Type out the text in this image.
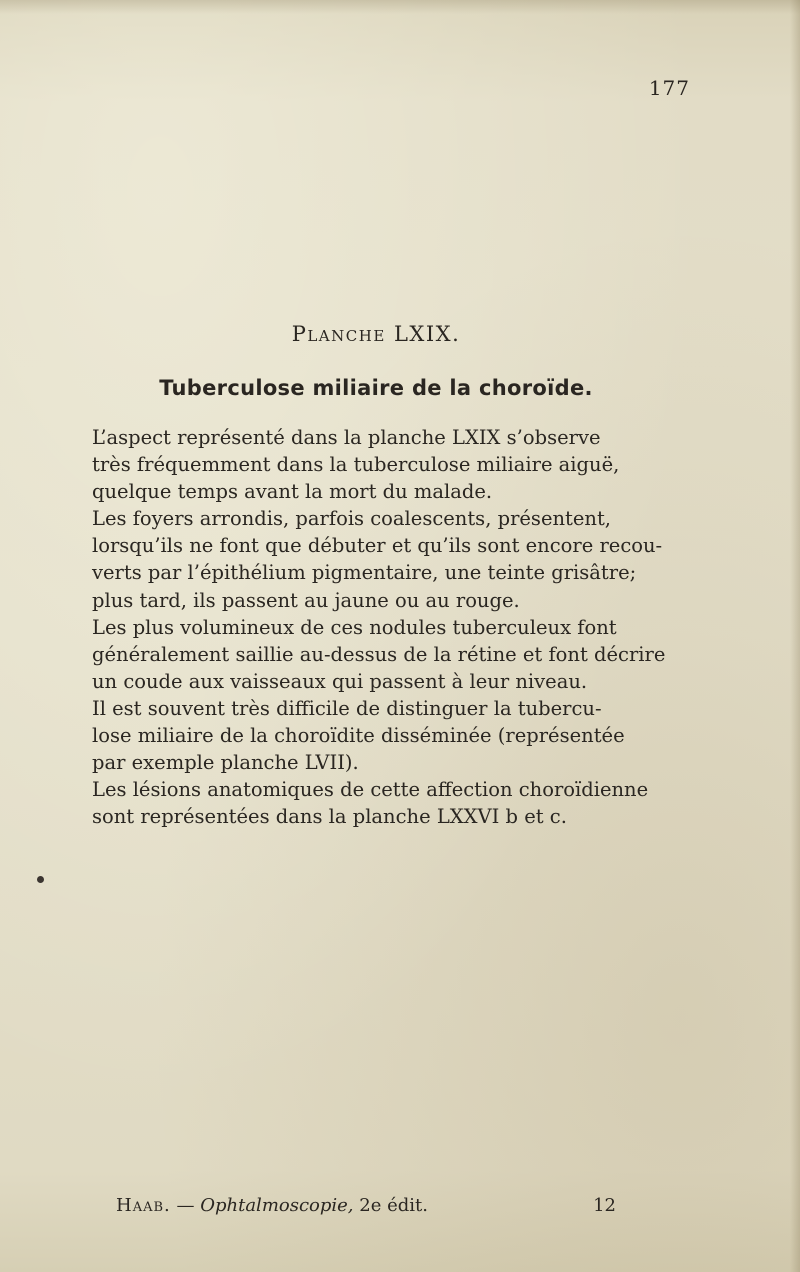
177
Planche LXIX.
Tuberculose miliaire de la choroïde.

L’aspect représenté dans la planche LXIX s’observe
très fréquemment dans la tuberculose miliaire aiguë,
quelque temps avant la mort du malade.

Les foyers arrondis, parfois coalescents, présentent,
lorsqu’ils ne font que débuter et qu’ils sont encore recou-
verts par l’épithélium pigmentaire, une teinte grisâtre;
plus tard, ils passent au jaune ou au rouge.

Les plus volumineux de ces nodules tuberculeux font
généralement saillie au-dessus de la rétine et font décrire
un coude aux vaisseaux qui passent à leur niveau.

Il est souvent très difficile de distinguer la tubercu-
lose miliaire de la choroïdite disséminée (représentée
par exemple planche LVII).

Les lésions anatomiques de cette affection choroïdienne
sont représentées dans la planche LXXVI b et c.

Haab. — Ophtalmoscopie, 2e édit.	12
